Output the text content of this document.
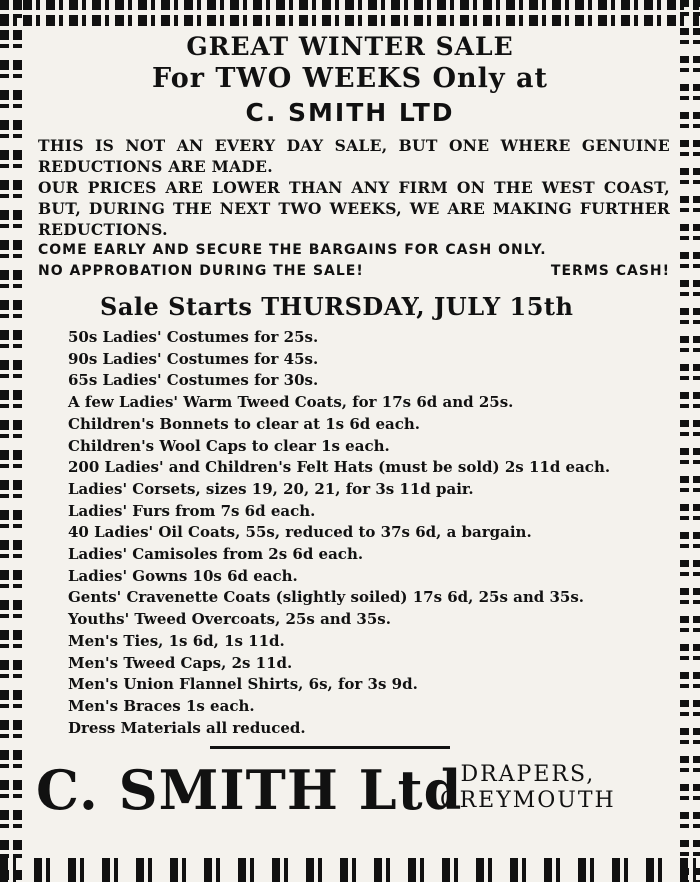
GREAT WINTER SALE

For TWO WEEKS Only at

C. SMITH LTD

THIS IS NOT AN EVERY DAY SALE, BUT ONE WHERE GENUINE REDUCTIONS ARE MADE.

OUR PRICES ARE LOWER THAN ANY FIRM ON THE WEST COAST, BUT, DURING THE NEXT TWO WEEKS, WE ARE MAKING FURTHER REDUCTIONS.

COME EARLY AND SECURE THE BARGAINS FOR CASH ONLY.

NO APPROBATION DURING THE SALE!	TERMS CASH!

Sale Starts THURSDAY, JULY 15th

50s Ladies' Costumes for 25s.
90s Ladies' Costumes for 45s.
65s Ladies' Costumes for 30s.
A few Ladies' Warm Tweed Coats, for 17s 6d and 25s.
Children's Bonnets to clear at 1s 6d each.
Children's Wool Caps to clear 1s each.
200 Ladies' and Children's Felt Hats (must be sold) 2s 11d each.
Ladies' Corsets, sizes 19, 20, 21, for 3s 11d pair.
Ladies' Furs from 7s 6d each.
40 Ladies' Oil Coats, 55s, reduced to 37s 6d, a bargain.
Ladies' Camisoles from 2s 6d each.
Ladies' Gowns 10s 6d each.
Gents' Cravenette Coats (slightly soiled) 17s 6d, 25s and 35s.
Youths' Tweed Overcoats, 25s and 35s.
Men's Ties, 1s 6d, 1s 11d.
Men's Tweed Caps, 2s 11d.
Men's Union Flannel Shirts, 6s, for 3s 9d.
Men's Braces 1s each.
Dress Materials all reduced.
C. SMITH Ltd
DRAPERS,
GREYMOUTH
